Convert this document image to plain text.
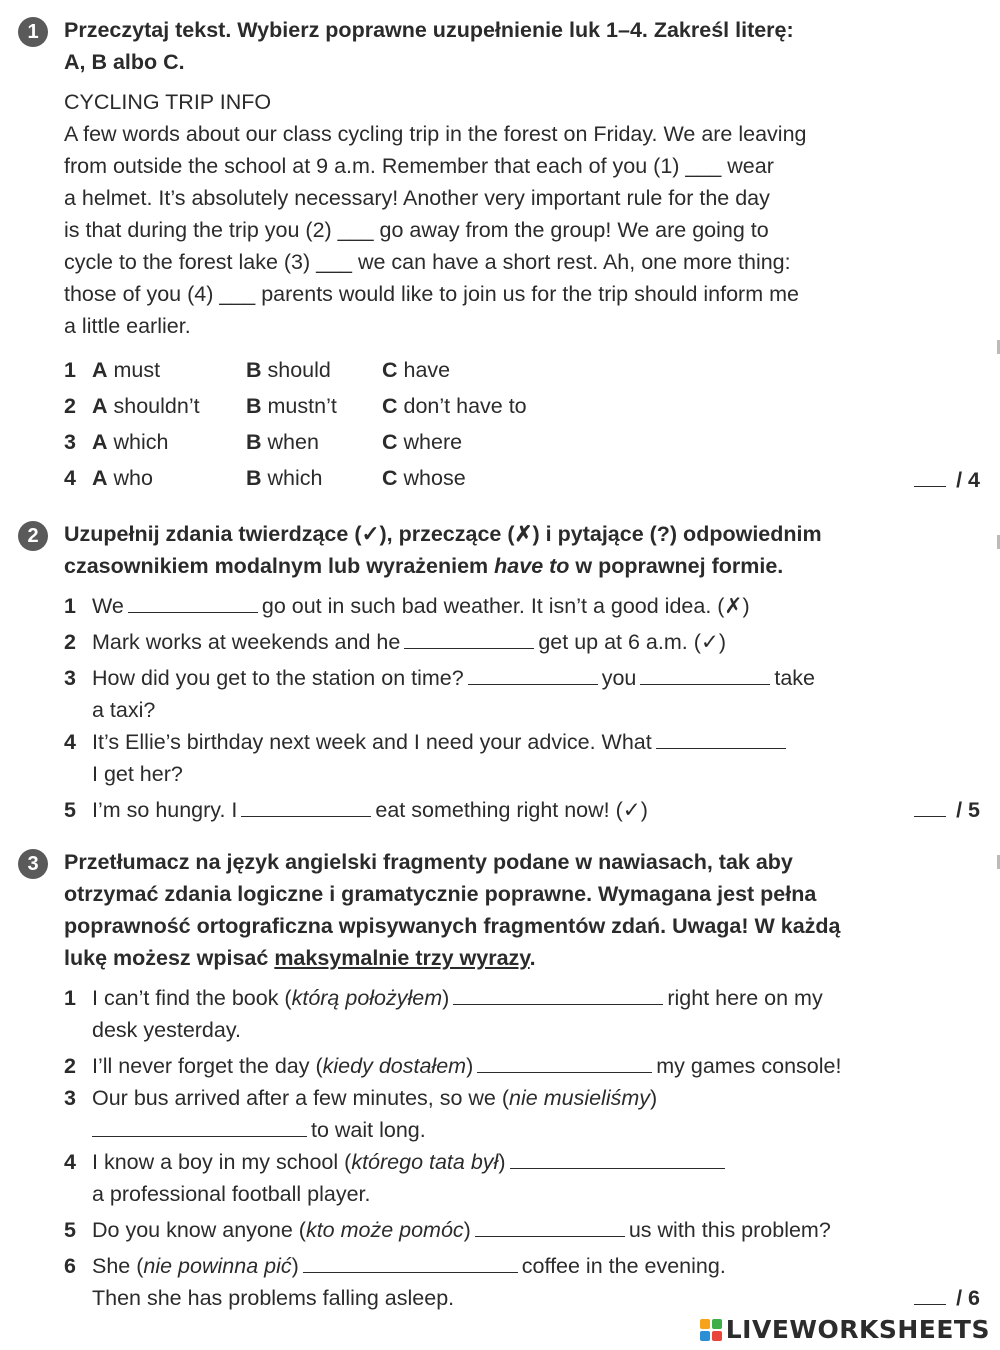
1	Przeczytaj tekst. Wybierz poprawne uzupełnienie luk 1–4. Zakreśl literę:
A, B albo C.
CYCLING TRIP INFO
A few words about our class cycling trip in the forest on Friday. We are leaving
from outside the school at 9 a.m. Remember that each of you (1) ___ wear
a helmet. It’s absolutely necessary! Another very important rule for the day
is that during the trip you (2) ___ go away from the group! We are going to
cycle to the forest lake (3) ___ we can have a short rest. Ah, one more thing:
those of you (4) ___ parents would like to join us for the trip should inform me
a little earlier.
1 A must	B should C have
2 A shouldn’t B mustn’t C don’t have to
3 A which	B when	C where
4 A who	B which	C whose	/ 4
2	Uzupełnij zdania twierdzące (✓), przeczące (✗) i pytające (?) odpowiednim
czasownikiem modalnym lub wyrażeniem have to w poprawnej formie.
1 We	go out in such bad weather. It isn’t a good idea. (✗)
2 Mark works at weekends and he	get up at 6 a.m. (✓)
3 How did you get to the station on time?	you	take
a taxi?
4 It’s Ellie’s birthday next week and I need your advice. What
I get her?
5 I’m so hungry. I	eat something right now! (✓)	/ 5
3	Przetłumacz na język angielski fragmenty podane w nawiasach, tak aby
otrzymać zdania logiczne i gramatycznie poprawne. Wymagana jest pełna
poprawność ortograficzna wpisywanych fragmentów zdań. Uwaga! W każdą
lukę możesz wpisać maksymalnie trzy wyrazy.
1 I can’t find the book (którą położyłem)	right here on my
desk yesterday.
2 I’ll never forget the day (kiedy dostałem)	my games console!
3 Our bus arrived after a few minutes, so we (nie musieliśmy)
to wait long.
4 I know a boy in my school (którego tata był)
a professional football player.
5 Do you know anyone (kto może pomóc)	us with this problem?
6 She (nie powinna pić)	coffee in the evening.
Then she has problems falling asleep.	/ 6
LIVEWORKSHEETS
